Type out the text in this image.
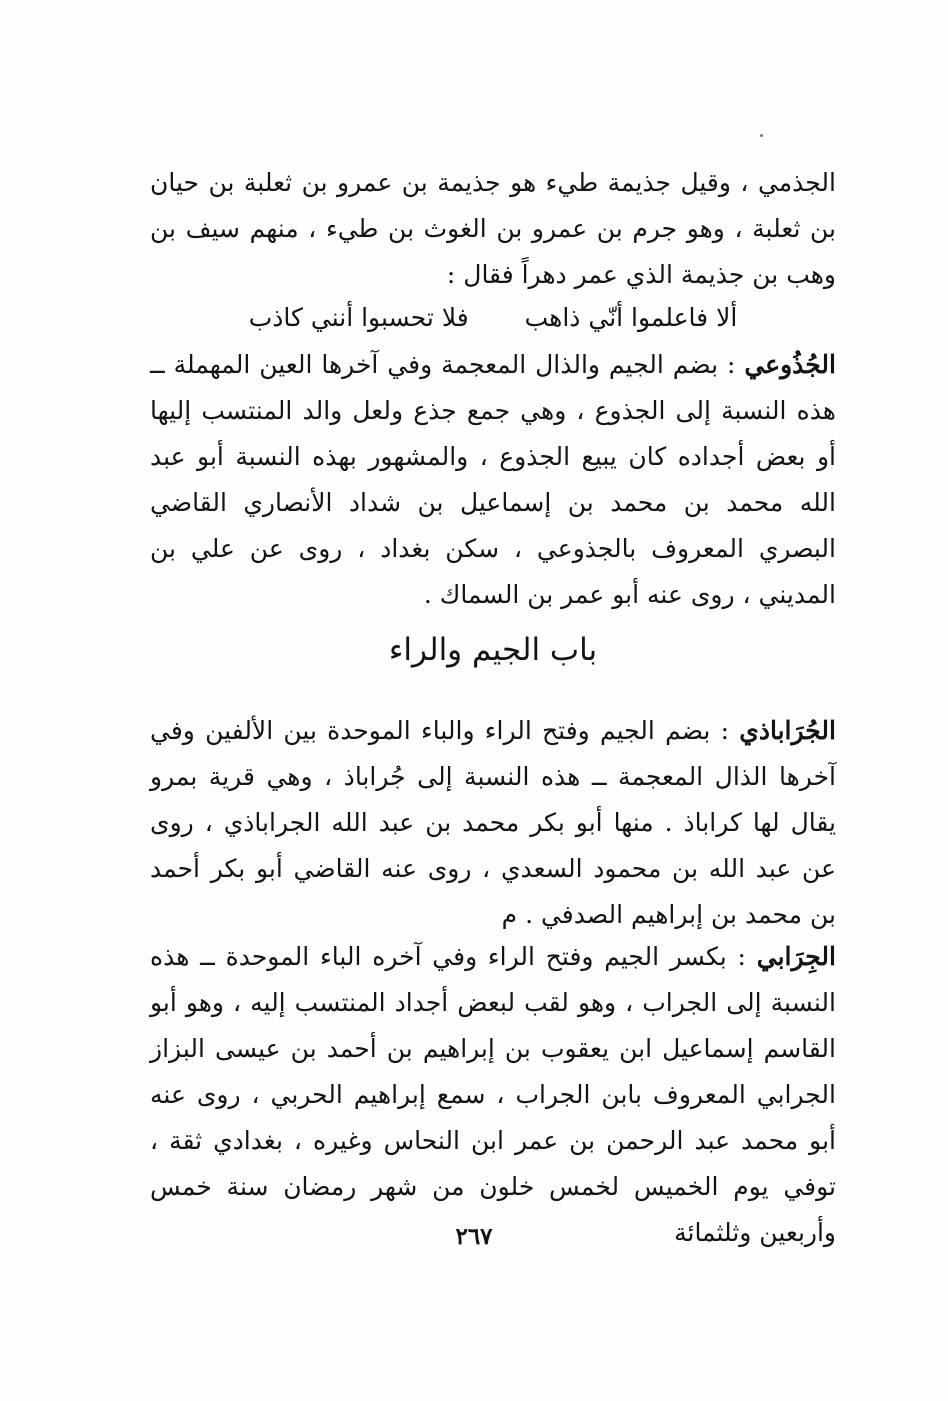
الجذمي ، وقيل جذيمة طيء هو جذيمة بن عمرو بن ثعلبة بن حيان بن ثعلبة ، وهو جرم بن عمرو بن الغوث بن طيء ، منهم سيف بن وهب بن جذيمة الذي عمر دهراً فقال :
ألا فاعلموا أنّي ذاهب  فلا تحسبوا أنني كاذب
الجُذُوعي : بضم الجيم والذال المعجمة وفي آخرها العين المهملة ــ هذه النسبة إلى الجذوع ، وهي جمع جذع ولعل والد المنتسب إليها أو بعض أجداده كان يبيع الجذوع ، والمشهور بهذه النسبة أبو عبد الله محمد بن محمد بن إسماعيل بن شداد الأنصاري القاضي البصري المعروف بالجذوعي ، سكن بغداد ، روى عن علي بن المديني ، روى عنه أبو عمر بن السماك .
باب الجيم والراء
الجُرَاباذي : بضم الجيم وفتح الراء والباء الموحدة بين الألفين وفي آخرها الذال المعجمة ــ هذه النسبة إلى جُراباذ ، وهي قرية بمرو يقال لها كراباذ . منها أبو بكر محمد بن عبد الله الجراباذي ، روى عن عبد الله بن محمود السعدي ، روى عنه القاضي أبو بكر أحمد بن محمد بن إبراهيم الصدفي . م
الجِرَابي : بكسر الجيم وفتح الراء وفي آخره الباء الموحدة ــ هذه النسبة إلى الجراب ، وهو لقب لبعض أجداد المنتسب إليه ، وهو أبو القاسم إسماعيل ابن يعقوب بن إبراهيم بن أحمد بن عيسى البزاز الجرابي المعروف بابن الجراب ، سمع إبراهيم الحربي ، روى عنه أبو محمد عبد الرحمن بن عمر ابن النحاس وغيره ، بغدادي ثقة ، توفي يوم الخميس لخمس خلون من شهر رمضان سنة خمس وأربعين وثلثمائة
٢٦٧
